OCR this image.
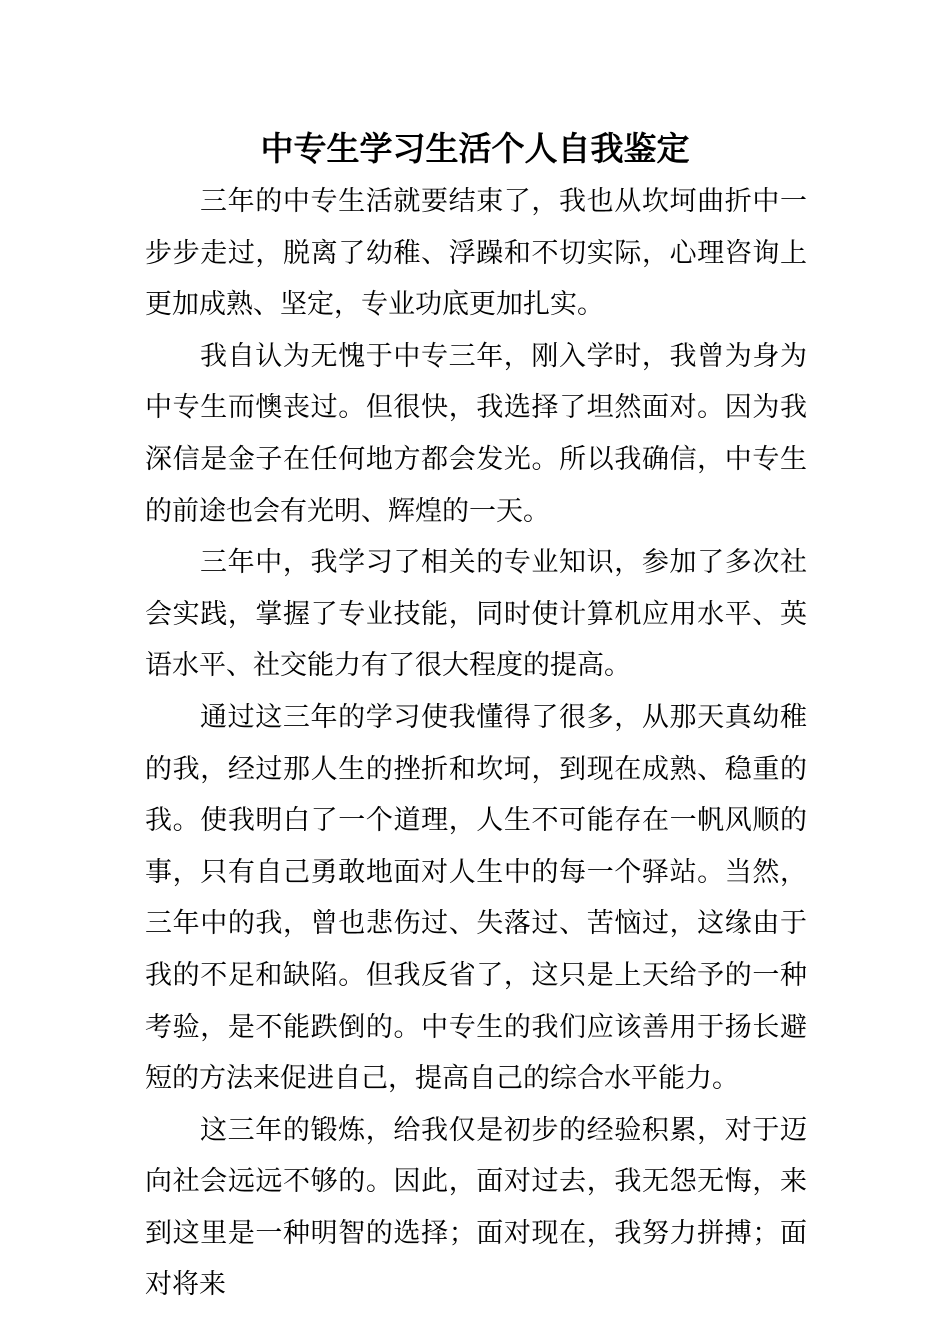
中专生学习生活个人自我鉴定

三年的中专生活就要结束了，我也从坎坷曲折中一步步走过，脱离了幼稚、浮躁和不切实际，心理咨询上更加成熟、坚定，专业功底更加扎实。

我自认为无愧于中专三年，刚入学时，我曾为身为中专生而懊丧过。但很快，我选择了坦然面对。因为我深信是金子在任何地方都会发光。所以我确信，中专生的前途也会有光明、辉煌的一天。

三年中，我学习了相关的专业知识，参加了多次社会实践，掌握了专业技能，同时使计算机应用水平、英语水平、社交能力有了很大程度的提高。

通过这三年的学习使我懂得了很多，从那天真幼稚的我，经过那人生的挫折和坎坷，到现在成熟、稳重的我。使我明白了一个道理，人生不可能存在一帆风顺的事，只有自己勇敢地面对人生中的每一个驿站。当然，三年中的我，曾也悲伤过、失落过、苦恼过，这缘由于我的不足和缺陷。但我反省了，这只是上天给予的一种考验，是不能跌倒的。中专生的我们应该善用于扬长避短的方法来促进自己，提高自己的综合水平能力。

这三年的锻炼，给我仅是初步的经验积累，对于迈向社会远远不够的。因此，面对过去，我无怨无悔，来到这里是一种明智的选择；面对现在，我努力拼搏；面对将来
